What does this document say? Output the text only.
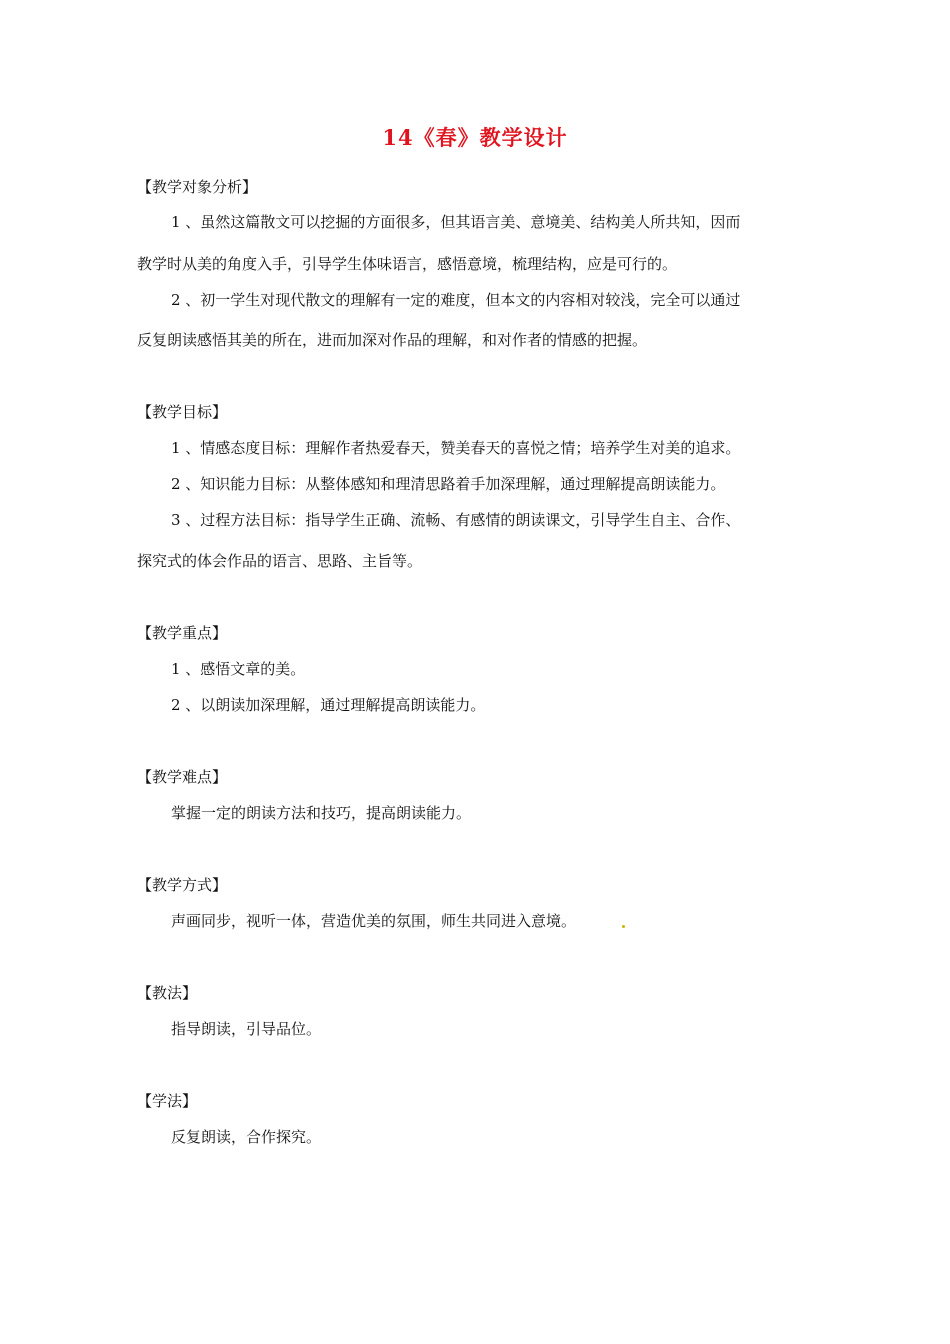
14《春》教学设计
【教学对象分析】
1 、虽然这篇散文可以挖掘的方面很多，但其语言美、意境美、结构美人所共知，因而
教学时从美的角度入手，引导学生体味语言，感悟意境，梳理结构，应是可行的。
2 、初一学生对现代散文的理解有一定的难度，但本文的内容相对较浅，完全可以通过
反复朗读感悟其美的所在，进而加深对作品的理解，和对作者的情感的把握。
【教学目标】
1 、情感态度目标：理解作者热爱春天，赞美春天的喜悦之情；培养学生对美的追求。
2 、知识能力目标：从整体感知和理清思路着手加深理解，通过理解提高朗读能力。
3 、过程方法目标：指导学生正确、流畅、有感情的朗读课文，引导学生自主、合作、
探究式的体会作品的语言、思路、主旨等。
【教学重点】
1 、感悟文章的美。
2 、以朗读加深理解，通过理解提高朗读能力。
【教学难点】
掌握一定的朗读方法和技巧，提高朗读能力。
【教学方式】
声画同步，视听一体，营造优美的氛围，师生共同进入意境。
【教法】
指导朗读，引导品位。
【学法】
反复朗读，合作探究。
